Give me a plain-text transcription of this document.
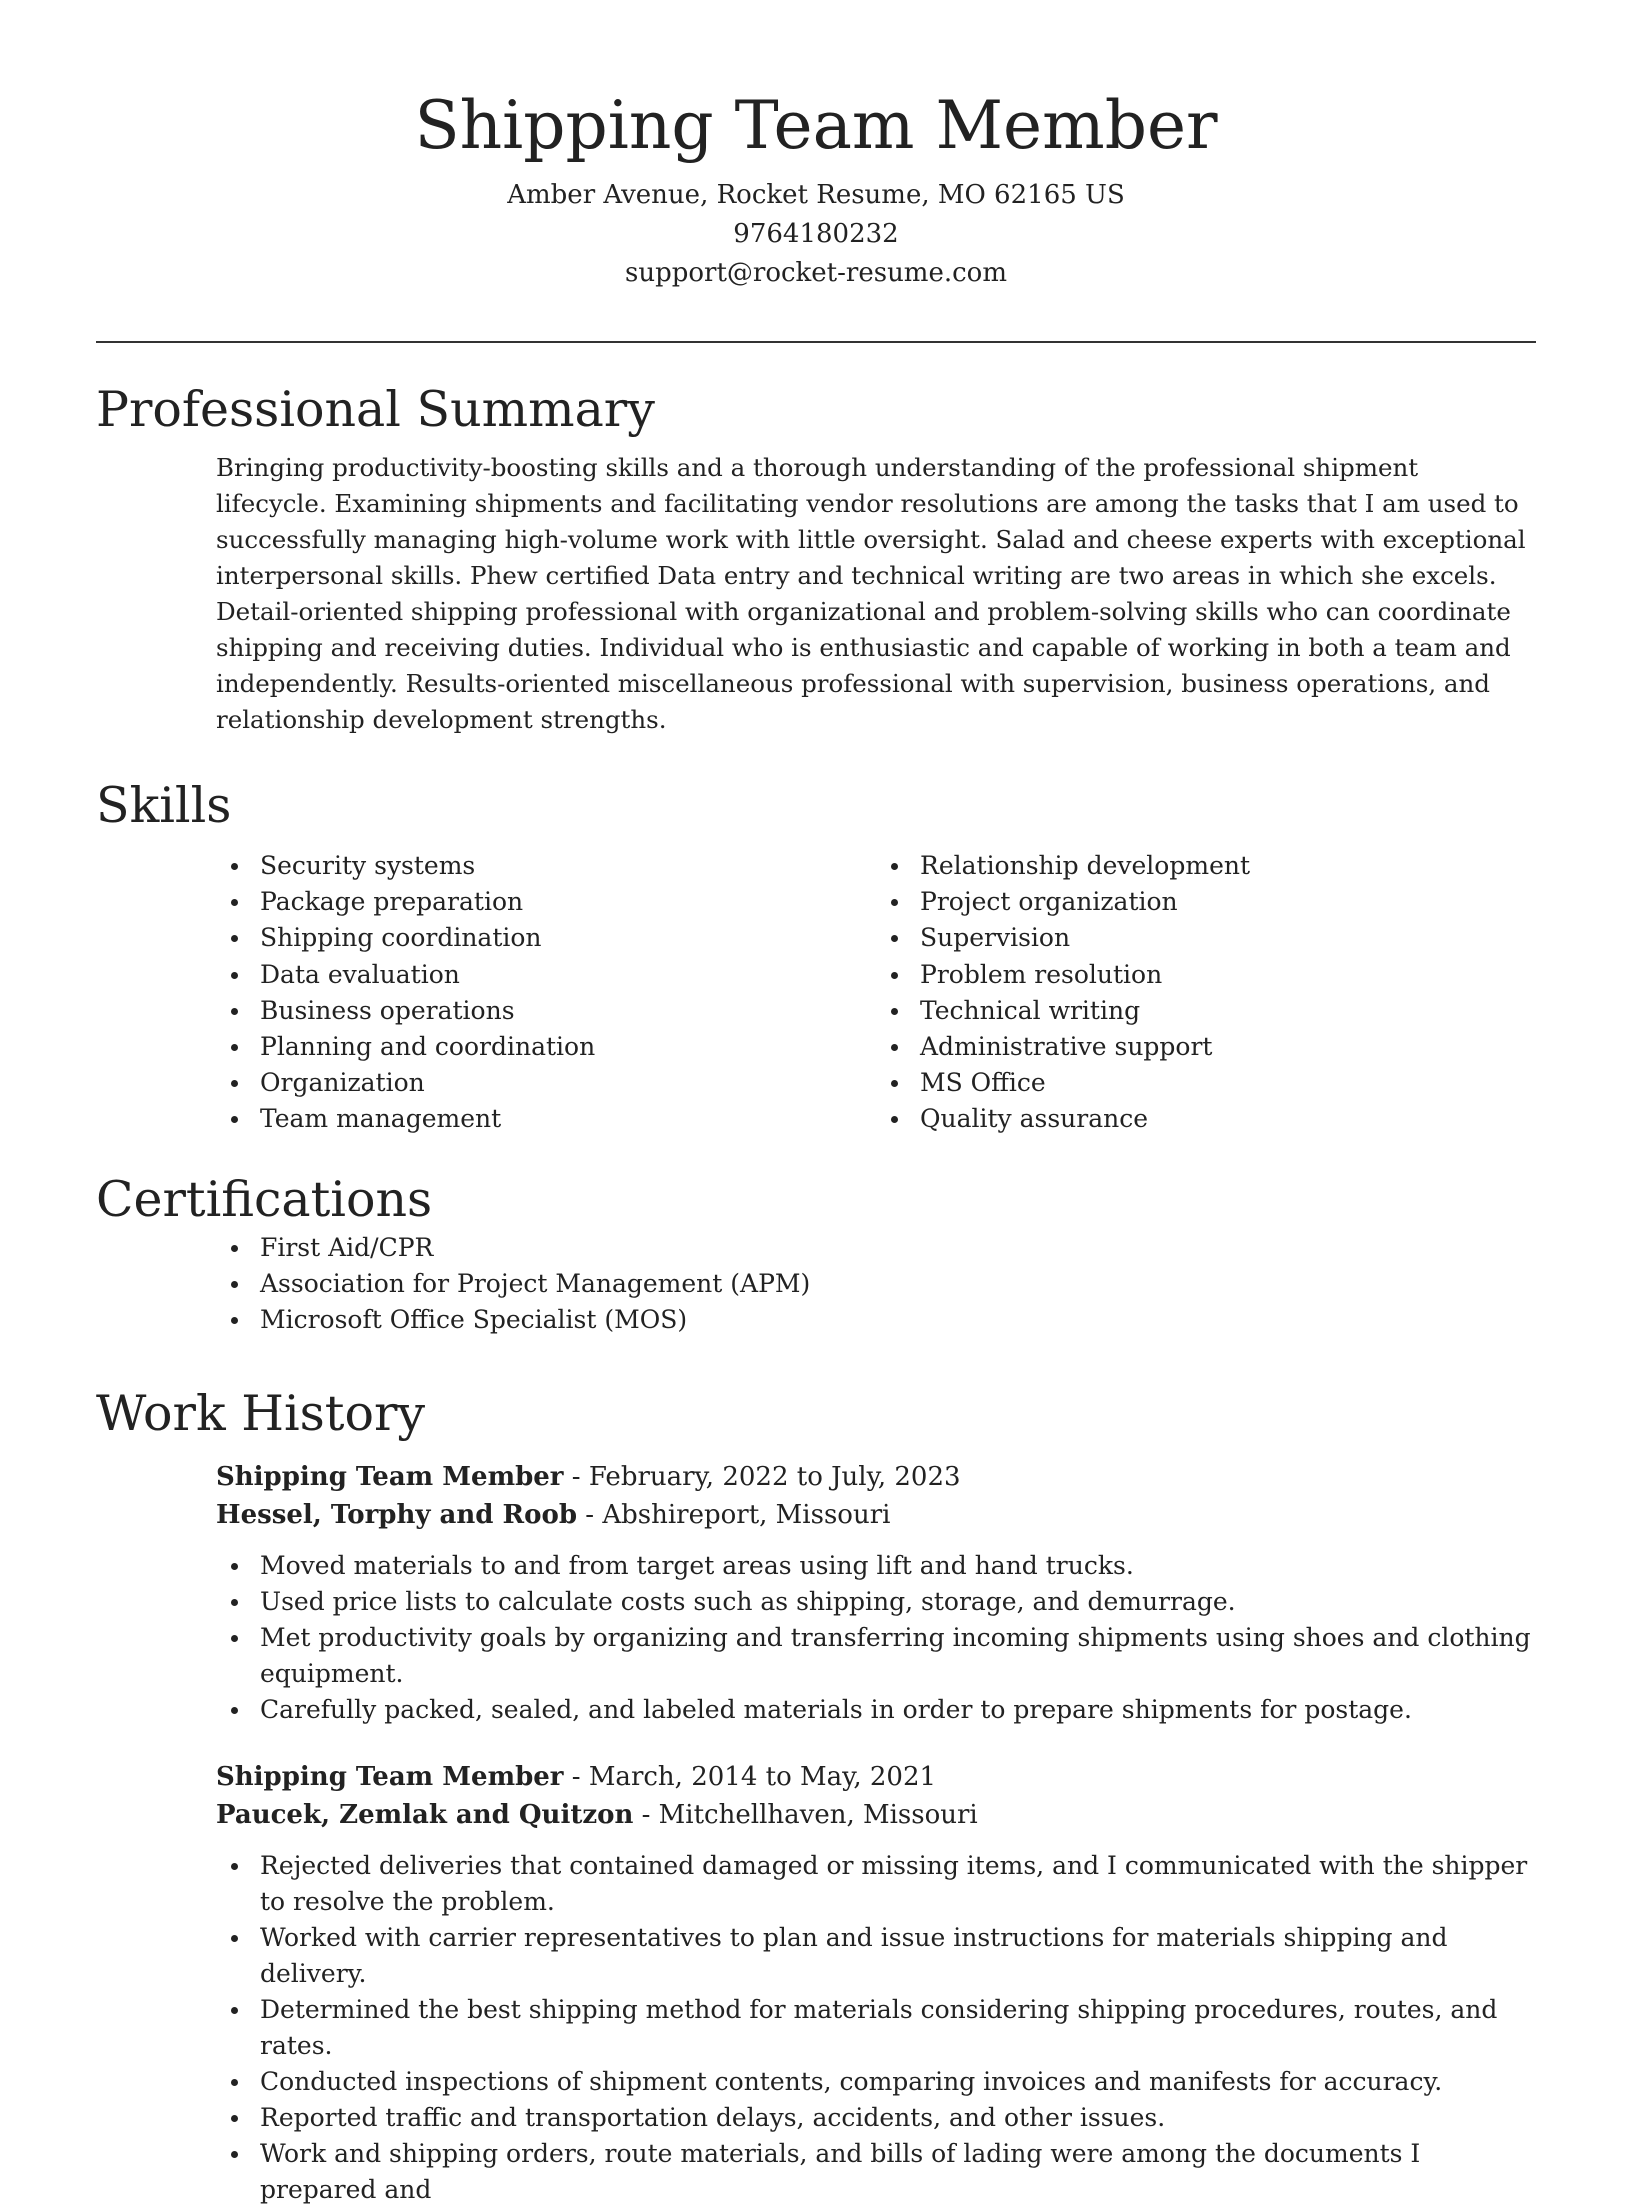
Shipping Team Member
Amber Avenue, Rocket Resume, MO 62165 US
9764180232
support@rocket-resume.com
Professional Summary

Bringing productivity-boosting skills and a thorough understanding of the professional shipment lifecycle. Examining shipments and facilitating vendor resolutions are among the tasks that I am used to successfully managing high-volume work with little oversight. Salad and cheese experts with exceptional interpersonal skills. Phew certified Data entry and technical writing are two areas in which she excels. Detail-oriented shipping professional with organizational and problem-solving skills who can coordinate shipping and receiving duties. Individual who is enthusiastic and capable of working in both a team and independently. Results-oriented miscellaneous professional with supervision, business operations, and relationship development strengths.

Skills
Security systems
Package preparation
Shipping coordination
Data evaluation
Business operations
Planning and coordination
Organization
Team management
Relationship development
Project organization
Supervision
Problem resolution
Technical writing
Administrative support
MS Office
Quality assurance
Certifications
First Aid/CPR
Association for Project Management (APM)
Microsoft Office Specialist (MOS)
Work History
Shipping Team Member - February, 2022 to July, 2023
Hessel, Torphy and Roob - Abshireport, Missouri
Moved materials to and from target areas using lift and hand trucks.
Used price lists to calculate costs such as shipping, storage, and demurrage.
Met productivity goals by organizing and transferring incoming shipments using shoes and clothing equipment.
Carefully packed, sealed, and labeled materials in order to prepare shipments for postage.
Shipping Team Member - March, 2014 to May, 2021
Paucek, Zemlak and Quitzon - Mitchellhaven, Missouri
Rejected deliveries that contained damaged or missing items, and I communicated with the shipper to resolve the problem.
Worked with carrier representatives to plan and issue instructions for materials shipping and delivery.
Determined the best shipping method for materials considering shipping procedures, routes, and rates.
Conducted inspections of shipment contents, comparing invoices and manifests for accuracy.
Reported traffic and transportation delays, accidents, and other issues.
Work and shipping orders, route materials, and bills of lading were among the documents I prepared and
